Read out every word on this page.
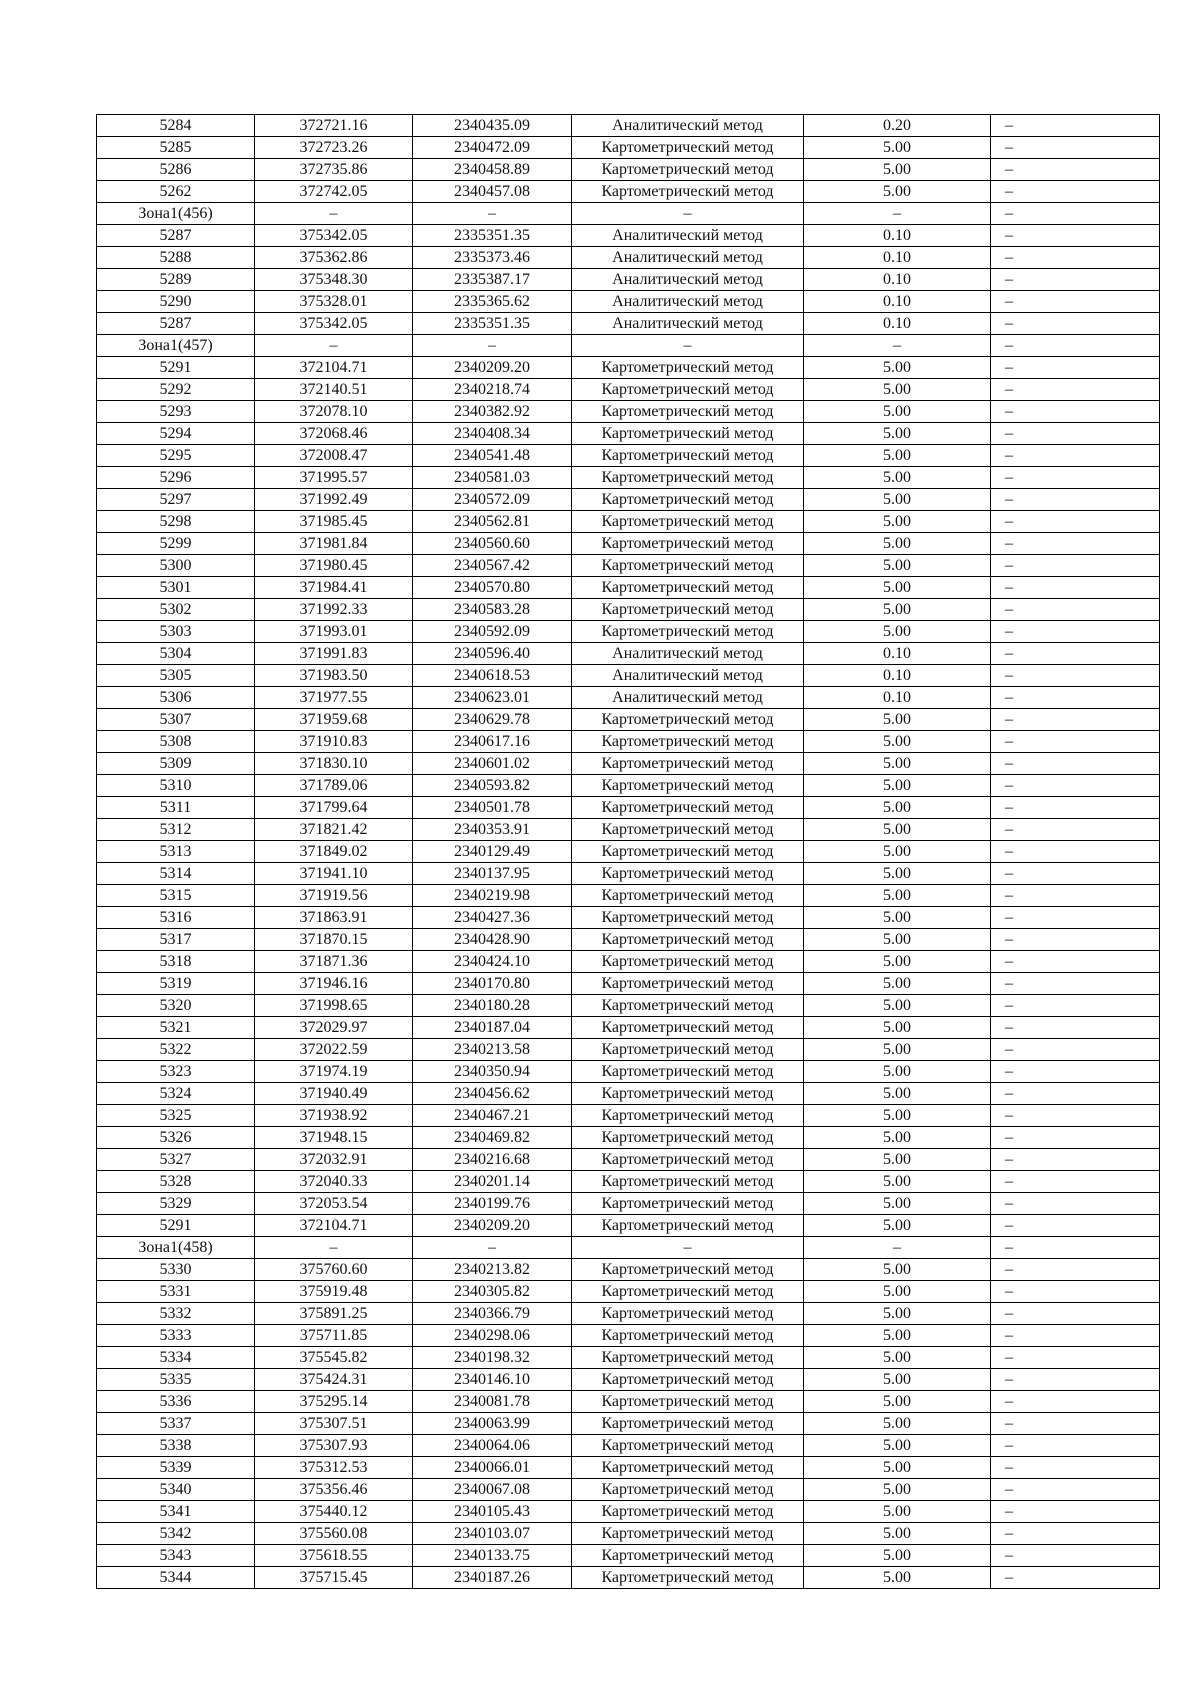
5284	372721.16	2340435.09	Аналитический метод	0.20	–
5285	372723.26	2340472.09	Картометрический метод	5.00	–
5286	372735.86	2340458.89	Картометрический метод	5.00	–
5262	372742.05	2340457.08	Картометрический метод	5.00	–
Зона1(456)	–	–	–	–	–
5287	375342.05	2335351.35	Аналитический метод	0.10	–
5288	375362.86	2335373.46	Аналитический метод	0.10	–
5289	375348.30	2335387.17	Аналитический метод	0.10	–
5290	375328.01	2335365.62	Аналитический метод	0.10	–
5287	375342.05	2335351.35	Аналитический метод	0.10	–
Зона1(457)	–	–	–	–	–
5291	372104.71	2340209.20	Картометрический метод	5.00	–
5292	372140.51	2340218.74	Картометрический метод	5.00	–
5293	372078.10	2340382.92	Картометрический метод	5.00	–
5294	372068.46	2340408.34	Картометрический метод	5.00	–
5295	372008.47	2340541.48	Картометрический метод	5.00	–
5296	371995.57	2340581.03	Картометрический метод	5.00	–
5297	371992.49	2340572.09	Картометрический метод	5.00	–
5298	371985.45	2340562.81	Картометрический метод	5.00	–
5299	371981.84	2340560.60	Картометрический метод	5.00	–
5300	371980.45	2340567.42	Картометрический метод	5.00	–
5301	371984.41	2340570.80	Картометрический метод	5.00	–
5302	371992.33	2340583.28	Картометрический метод	5.00	–
5303	371993.01	2340592.09	Картометрический метод	5.00	–
5304	371991.83	2340596.40	Аналитический метод	0.10	–
5305	371983.50	2340618.53	Аналитический метод	0.10	–
5306	371977.55	2340623.01	Аналитический метод	0.10	–
5307	371959.68	2340629.78	Картометрический метод	5.00	–
5308	371910.83	2340617.16	Картометрический метод	5.00	–
5309	371830.10	2340601.02	Картометрический метод	5.00	–
5310	371789.06	2340593.82	Картометрический метод	5.00	–
5311	371799.64	2340501.78	Картометрический метод	5.00	–
5312	371821.42	2340353.91	Картометрический метод	5.00	–
5313	371849.02	2340129.49	Картометрический метод	5.00	–
5314	371941.10	2340137.95	Картометрический метод	5.00	–
5315	371919.56	2340219.98	Картометрический метод	5.00	–
5316	371863.91	2340427.36	Картометрический метод	5.00	–
5317	371870.15	2340428.90	Картометрический метод	5.00	–
5318	371871.36	2340424.10	Картометрический метод	5.00	–
5319	371946.16	2340170.80	Картометрический метод	5.00	–
5320	371998.65	2340180.28	Картометрический метод	5.00	–
5321	372029.97	2340187.04	Картометрический метод	5.00	–
5322	372022.59	2340213.58	Картометрический метод	5.00	–
5323	371974.19	2340350.94	Картометрический метод	5.00	–
5324	371940.49	2340456.62	Картометрический метод	5.00	–
5325	371938.92	2340467.21	Картометрический метод	5.00	–
5326	371948.15	2340469.82	Картометрический метод	5.00	–
5327	372032.91	2340216.68	Картометрический метод	5.00	–
5328	372040.33	2340201.14	Картометрический метод	5.00	–
5329	372053.54	2340199.76	Картометрический метод	5.00	–
5291	372104.71	2340209.20	Картометрический метод	5.00	–
Зона1(458)	–	–	–	–	–
5330	375760.60	2340213.82	Картометрический метод	5.00	–
5331	375919.48	2340305.82	Картометрический метод	5.00	–
5332	375891.25	2340366.79	Картометрический метод	5.00	–
5333	375711.85	2340298.06	Картометрический метод	5.00	–
5334	375545.82	2340198.32	Картометрический метод	5.00	–
5335	375424.31	2340146.10	Картометрический метод	5.00	–
5336	375295.14	2340081.78	Картометрический метод	5.00	–
5337	375307.51	2340063.99	Картометрический метод	5.00	–
5338	375307.93	2340064.06	Картометрический метод	5.00	–
5339	375312.53	2340066.01	Картометрический метод	5.00	–
5340	375356.46	2340067.08	Картометрический метод	5.00	–
5341	375440.12	2340105.43	Картометрический метод	5.00	–
5342	375560.08	2340103.07	Картометрический метод	5.00	–
5343	375618.55	2340133.75	Картометрический метод	5.00	–
5344	375715.45	2340187.26	Картометрический метод	5.00	–
